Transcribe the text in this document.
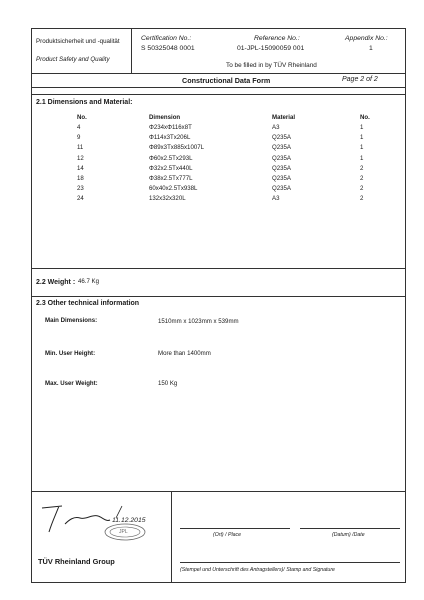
Produktsicherheit und -qualität
Product Safety and Quality
Certification No.:
S 50325048 0001
Reference No.:
01-JPL-15090059 001
Appendix No.:
1
To be filled in by TÜV Rheinland
Constructional Data Form	Page 2 of 2
2.1 Dimensions and Material:
No.	Dimension	Material	No.
4	Φ234xΦ116x8T	A3	1
9	Φ114x3Tx206L	Q235A	1
11	Φ89x3Tx885x1007L	Q235A	1
12	Φ60x2.5Tx293L	Q235A	1
14	Φ32x2.5Tx440L	Q235A	2
18	Φ38x2.5Tx777L	Q235A	2
23	60x40x2.5Tx938L	Q235A	2
24	132x32x320L	A3	2
2.2 Weight : 46.7 Kg
2.3 Other technical information
Main Dimensions:	1510mm x 1023mm x 539mm
Min. User Height:	More than 1400mm
Max. User Weight:	150 Kg
11.12.2015
JPL
TÜV Rheinland Group
(Ort) / Place	(Datum) /Date
(Stempel und Unterschrift des Antragstellers)/ Stamp and Signature
